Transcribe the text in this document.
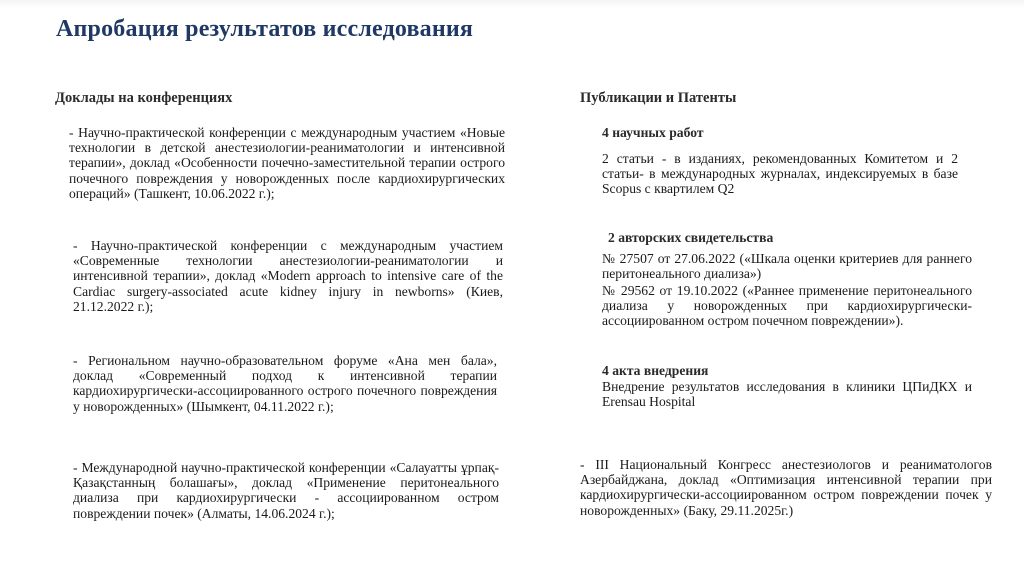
Апробация результатов исследования
Доклады на конференциях
- Научно-практической конференции с международным участием «Новые технологии в детской анестезиологии-реаниматологии и интенсивной терапии», доклад «Особенности почечно-заместительной терапии острого почечного повреждения у новорожденных после кардиохирургических операций» (Ташкент, 10.06.2022 г.);
- Научно-практической конференции с международным участием «Современные технологии анестезиологии-реаниматологии и интенсивной терапии», доклад «Modern approach to intensive care of the Cardiac surgery-associated acute kidney injury in newborns» (Киев, 21.12.2022 г.);
- Региональном научно-образовательном форуме «Ана мен бала», доклад «Современный подход к интенсивной терапии кардиохирургически-ассоциированного острого почечного повреждения у новорожденных» (Шымкент, 04.11.2022 г.);
- Международной научно-практической конференции «Салауатты ұрпақ-Қазақстанның болашағы», доклад «Применение перитонеального диализа при кардиохирургически - ассоциированном остром повреждении почек» (Алматы, 14.06.2024 г.);
Публикации и Патенты
4 научных работ
2 статьи - в изданиях, рекомендованных Комитетом и 2 статьи- в международных журналах, индексируемых в базе Scopus с квартилем Q2
2 авторских свидетельства
№ 27507 от 27.06.2022 («Шкала оценки критериев для раннего перитонеального диализа»)
№ 29562 от 19.10.2022 («Раннее применение перитонеального диализа у новорожденных при кардиохирургически-ассоциированном остром почечном повреждении»).
4 акта внедрения
Внедрение результатов исследования в клиники ЦПиДКХ и Erensau Hospital
- III Национальный Конгресс анестезиологов и реаниматологов Азербайджана, доклад «Оптимизация интенсивной терапии при кардиохирургически-ассоциированном остром повреждении почек у новорожденных» (Баку, 29.11.2025г.)
